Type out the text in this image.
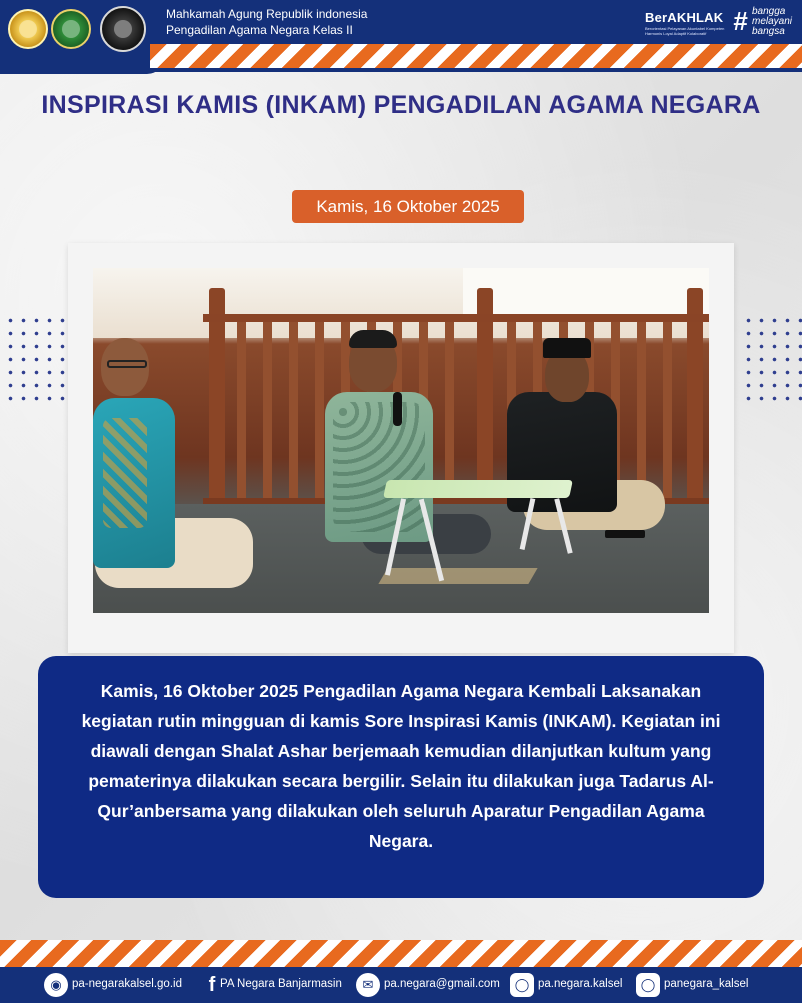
Mahkamah Agung Republik indonesia
Pengadilan Agama Negara Kelas II
BerAKHLAK
Berorientasi Pelayanan Akuntabel Kompeten Harmonis Loyal Adaptif Kolaboratif	# bangga melayani bangsa
INSPIRASI KAMIS (INKAM) PENGADILAN AGAMA NEGARA
Kamis, 16 Oktober 2025

Kamis, 16 Oktober 2025 Pengadilan Agama Negara Kembali Laksanakan kegiatan rutin mingguan di kamis Sore Inspirasi Kamis (INKAM). Kegiatan ini diawali dengan Shalat Ashar berjemaah kemudian dilanjutkan kultum yang pematerinya dilakukan secara bergilir. Selain itu dilakukan juga Tadarus Al-Qur’anbersama yang dilakukan oleh seluruh Aparatur Pengadilan Agama Negara.

◉ pa-negarakalsel.go.id	f PA Negara Banjarmasin	✉ pa.negara@gmail.com	◯ pa.negara.kalsel	◯ panegara_kalsel
